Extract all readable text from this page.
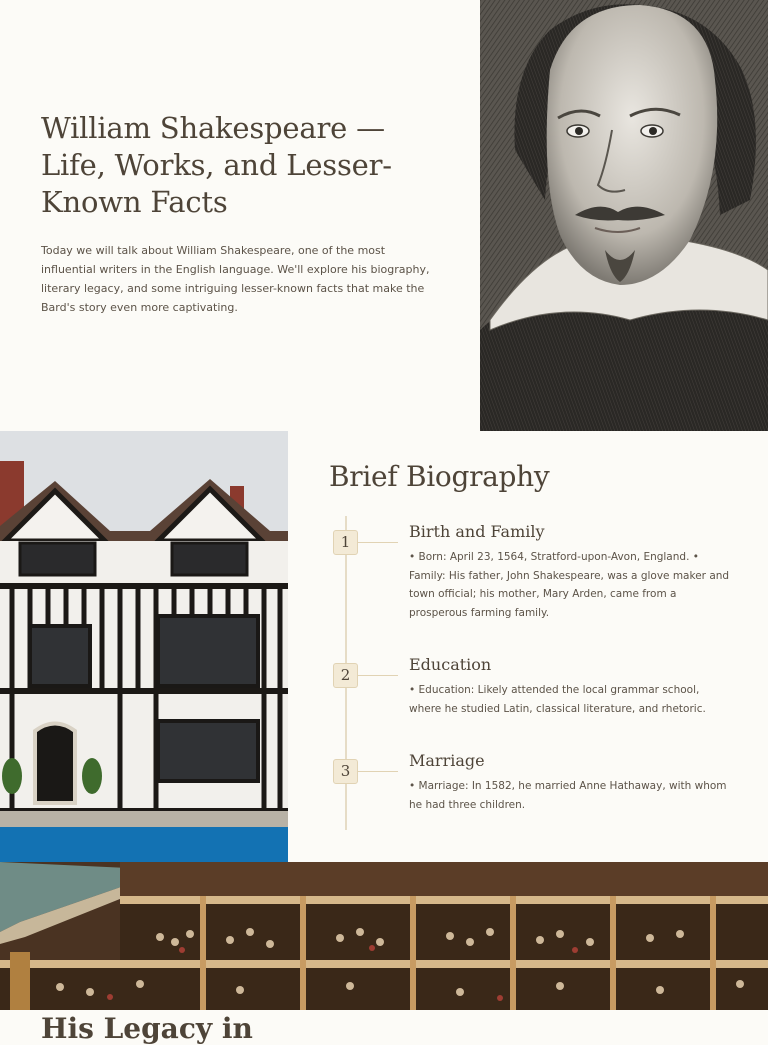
William Shakespeare — Life, Works, and Lesser-Known Facts

Today we will talk about William Shakespeare, one of the most influential writers in the English language. We'll explore his biography, literary legacy, and some intriguing lesser-known facts that make the Bard's story even more captivating.

Brief Biography
1
Birth and Family

• Born: April 23, 1564, Stratford-upon-Avon, England. • Family: His father, John Shakespeare, was a glove maker and town official; his mother, Mary Arden, came from a prosperous farming family.

2
Education

• Education: Likely attended the local grammar school, where he studied Latin, classical literature, and rhetoric.

3
Marriage

• Marriage: In 1582, he married Anne Hathaway, with whom he had three children.

His Legacy in
